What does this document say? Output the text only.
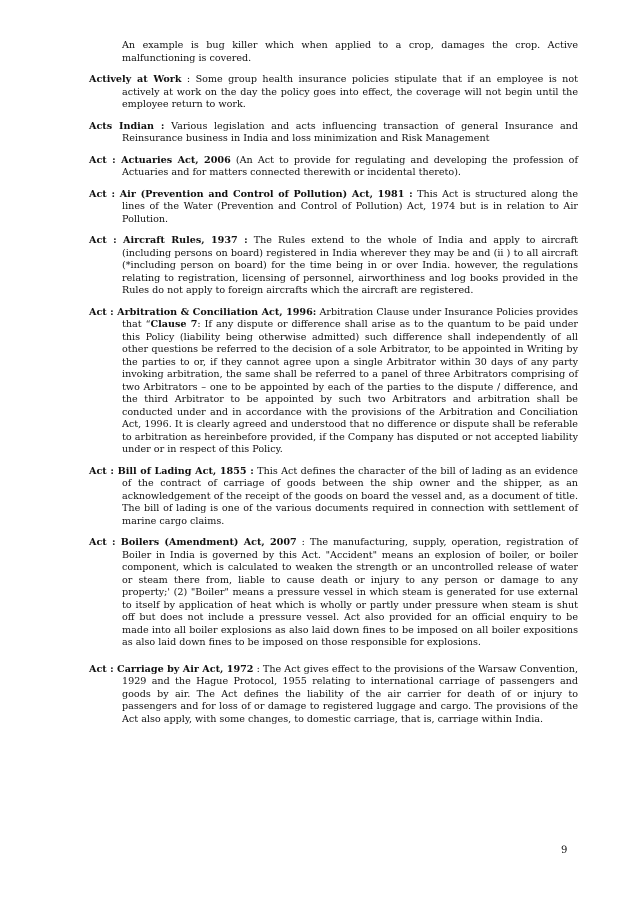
An example is bug killer which when applied to a crop, damages the crop. Active malfunctioning is covered.

Actively at Work : Some group health insurance policies stipulate that if an employee is not actively at work on the day the policy goes into effect, the coverage will not begin until the employee return to work.

Acts Indian : Various legislation and acts influencing transaction of general Insurance and Reinsurance business in India and loss minimization and Risk Management

Act : Actuaries Act, 2006 (An Act to provide for regulating and developing the profession of Actuaries and for matters connected therewith or incidental thereto).

Act : Air (Prevention and Control of Pollution) Act, 1981 : This Act is structured along the lines of the Water (Prevention and Control of Pollution) Act, 1974 but is in relation to Air Pollution.

Act : Aircraft Rules, 1937 : The Rules extend to the whole of India and apply to aircraft (including persons on board) registered in India wherever they may be and (ii ) to all aircraft (*including person on board) for the time being in or over India. however, the regulations relating to registration, licensing of personnel, airworthiness and log books provided in the Rules do not apply to foreign aircrafts which the aircraft are registered.

Act : Arbitration & Conciliation Act, 1996: Arbitration Clause under Insurance Policies provides that “Clause 7: If any dispute or difference shall arise as to the quantum to be paid under this Policy (liability being otherwise admitted) such difference shall independently of all other questions be referred to the decision of a sole Arbitrator, to be appointed in Writing by the parties to or, if they cannot agree upon a single Arbitrator within 30 days of any party invoking arbitration, the same shall be referred to a panel of three Arbitrators comprising of two Arbitrators – one to be appointed by each of the parties to the dispute / difference, and the third Arbitrator to be appointed by such two Arbitrators and arbitration shall be conducted under and in accordance with the provisions of the Arbitration and Conciliation Act, 1996. It is clearly agreed and understood that no difference or dispute shall be referable to arbitration as hereinbefore provided, if the Company has disputed or not accepted liability under or in respect of this Policy.

Act : Bill of Lading Act, 1855 : This Act defines the character of the bill of lading as an evidence of the contract of carriage of goods between the ship owner and the shipper, as an acknowledgement of the receipt of the goods on board the vessel and, as a document of title. The bill of lading is one of the various documents required in connection with settlement of marine cargo claims.

Act : Boilers (Amendment) Act, 2007 : The manufacturing, supply, operation, registration of Boiler in India is governed by this Act. "Accident" means an explosion of boiler, or boiler component, which is calculated to weaken the strength or an uncontrolled release of water or steam there from, liable to cause death or injury to any person or damage to any property;' (2) "Boiler" means a pressure vessel in which steam is generated for use external to itself by application of heat which is wholly or partly under pressure when steam is shut off but does not include a pressure vessel. Act also provided for an official enquiry to be made into all boiler explosions as also laid down fines to be imposed on all boiler expositions as also laid down fines to be imposed on those responsible for explosions.

Act : Carriage by Air Act, 1972 : The Act gives effect to the provisions of the Warsaw Convention, 1929 and the Hague Protocol, 1955 relating to international carriage of passengers and goods by air. The Act defines the liability of the air carrier for death of or injury to passengers and for loss of or damage to registered luggage and cargo. The provisions of the Act also apply, with some changes, to domestic carriage, that is, carriage within India.

9
